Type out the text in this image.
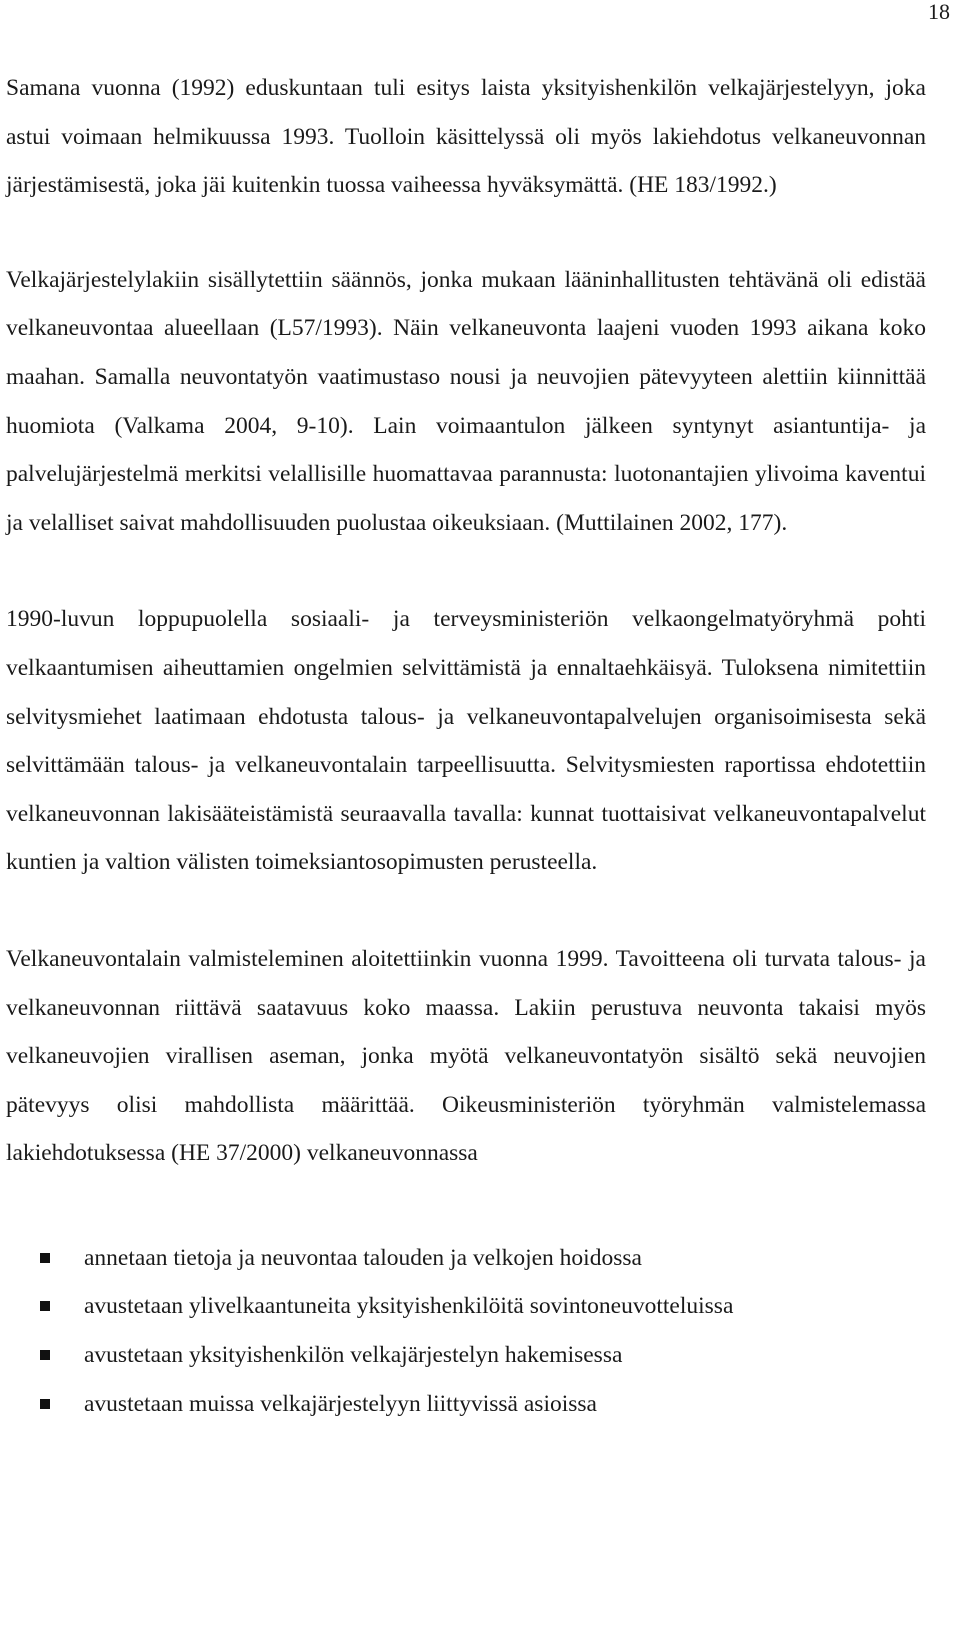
18

Samana vuonna (1992) eduskuntaan tuli esitys laista yksityishenkilön velkajärjestelyyn, joka astui voimaan helmikuussa 1993. Tuolloin käsittelyssä oli myös lakiehdotus velkaneuvonnan järjestämisestä, joka jäi kuitenkin tuossa vaiheessa hyväksymättä. (HE 183/1992.)

Velkajärjestelylakiin sisällytettiin säännös, jonka mukaan lääninhallitusten tehtävänä oli edistää velkaneuvontaa alueellaan (L57/1993). Näin velkaneuvonta laajeni vuoden 1993 aikana koko maahan. Samalla neuvontatyön vaatimustaso nousi ja neuvojien pätevyyteen alettiin kiinnittää huomiota (Valkama 2004, 9-10). Lain voimaantulon jälkeen syntynyt asiantuntija- ja palvelujärjestelmä merkitsi velallisille huomattavaa parannusta: luotonantajien ylivoima kaventui ja velalliset saivat mahdollisuuden puolustaa oikeuksiaan. (Muttilainen 2002, 177).

1990-luvun loppupuolella sosiaali- ja terveysministeriön velkaongelmatyöryhmä pohti velkaantumisen aiheuttamien ongelmien selvittämistä ja ennaltaehkäisyä. Tuloksena nimitettiin selvitysmiehet laatimaan ehdotusta talous- ja velkaneuvontapalvelujen organisoimisesta sekä selvittämään talous- ja velkaneuvontalain tarpeellisuutta. Selvitysmiesten raportissa ehdotettiin velkaneuvonnan lakisääteistämistä seuraavalla tavalla: kunnat tuottaisivat velkaneuvontapalvelut kuntien ja valtion välisten toimeksiantosopimusten perusteella.

Velkaneuvontalain valmisteleminen aloitettiinkin vuonna 1999. Tavoitteena oli turvata talous- ja velkaneuvonnan riittävä saatavuus koko maassa. Lakiin perustuva neuvonta takaisi myös velkaneuvojien virallisen aseman, jonka myötä velkaneuvontatyön sisältö sekä neuvojien pätevyys olisi mahdollista määrittää. Oikeusministeriön työryhmän valmistelemassa lakiehdotuksessa (HE 37/2000) velkaneuvonnassa

annetaan tietoja ja neuvontaa talouden ja velkojen hoidossa
avustetaan ylivelkaantuneita yksityishenkilöitä sovintoneuvotteluissa
avustetaan yksityishenkilön velkajärjestelyn hakemisessa
avustetaan muissa velkajärjestelyyn liittyvissä asioissa
